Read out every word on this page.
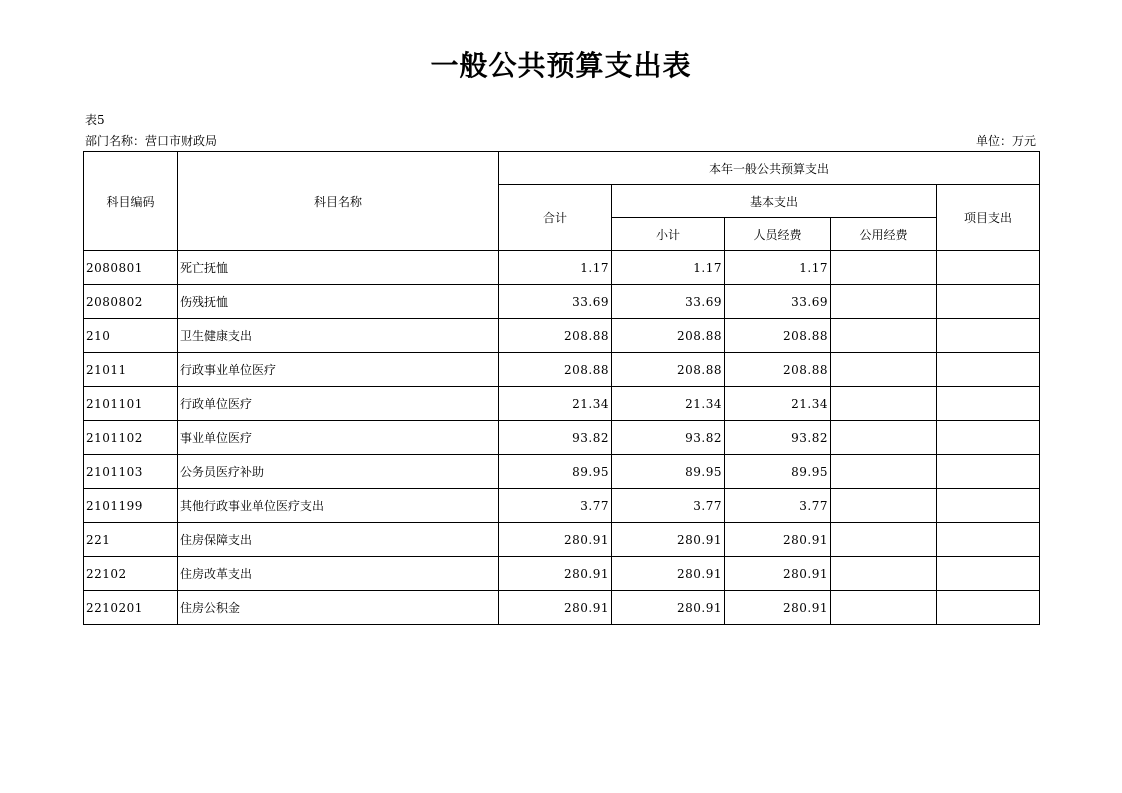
一般公共预算支出表
表5
部门名称：营口市财政局	单位：万元
科目编码	科目名称	本年一般公共预算支出				
		合计	基本支出			项目支出
			小计	人员经费	公用经费	
2080801	死亡抚恤	1.17	1.17	1.17		
2080802	伤残抚恤	33.69	33.69	33.69		
210	卫生健康支出	208.88	208.88	208.88		
21011	行政事业单位医疗	208.88	208.88	208.88		
2101101	行政单位医疗	21.34	21.34	21.34		
2101102	事业单位医疗	93.82	93.82	93.82		
2101103	公务员医疗补助	89.95	89.95	89.95		
2101199	其他行政事业单位医疗支出	3.77	3.77	3.77		
221	住房保障支出	280.91	280.91	280.91		
22102	住房改革支出	280.91	280.91	280.91		
2210201	住房公积金	280.91	280.91	280.91		
